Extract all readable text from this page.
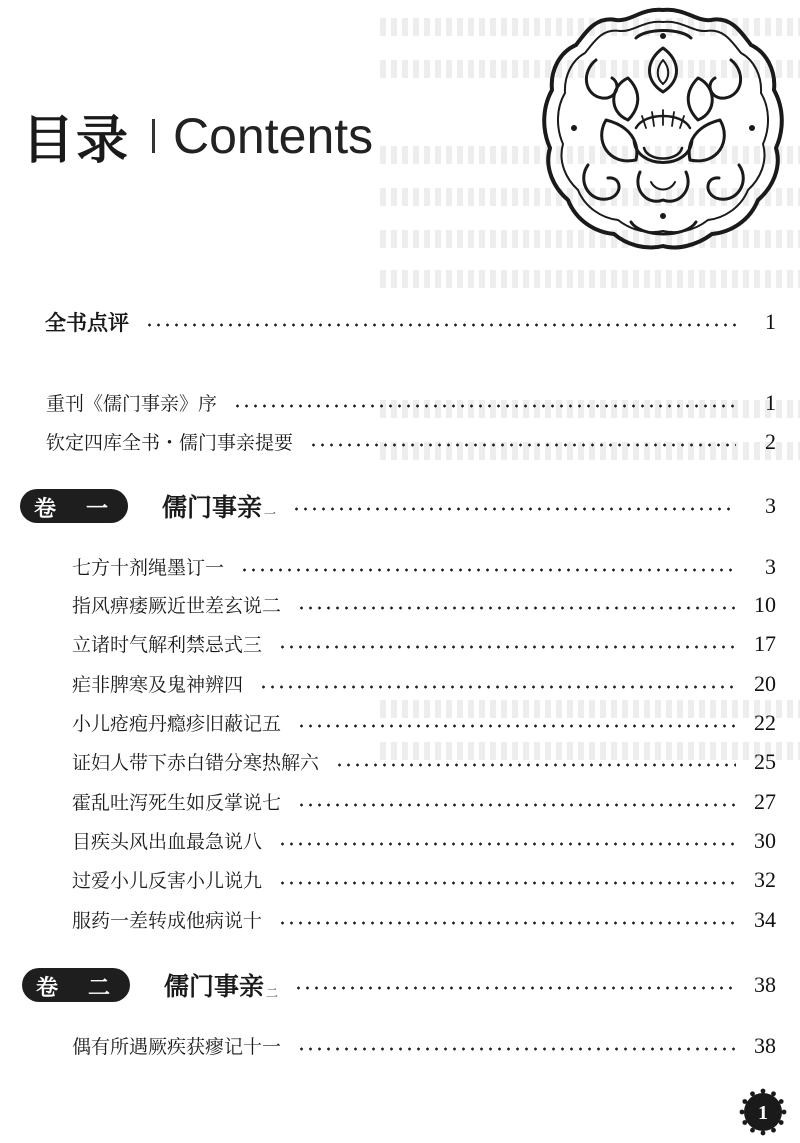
目录 Contents
全书点评	1
重刊《儒门事亲》序	1
钦定四库全书・儒门事亲提要	2
卷 一 儒门事亲 一	3
七方十剂绳墨订一	3
指风痹痿厥近世差玄说二	10
立诸时气解利禁忌式三	17
疟非脾寒及鬼神辨四	20
小儿疮疱丹瘾疹旧蔽记五	22
证妇人带下赤白错分寒热解六	25
霍乱吐泻死生如反掌说七	27
目疾头风出血最急说八	30
过爱小儿反害小儿说九	32
服药一差转成他病说十	34
卷 二 儒门事亲 二	38
偶有所遇厥疾获瘳记十一	38
1
